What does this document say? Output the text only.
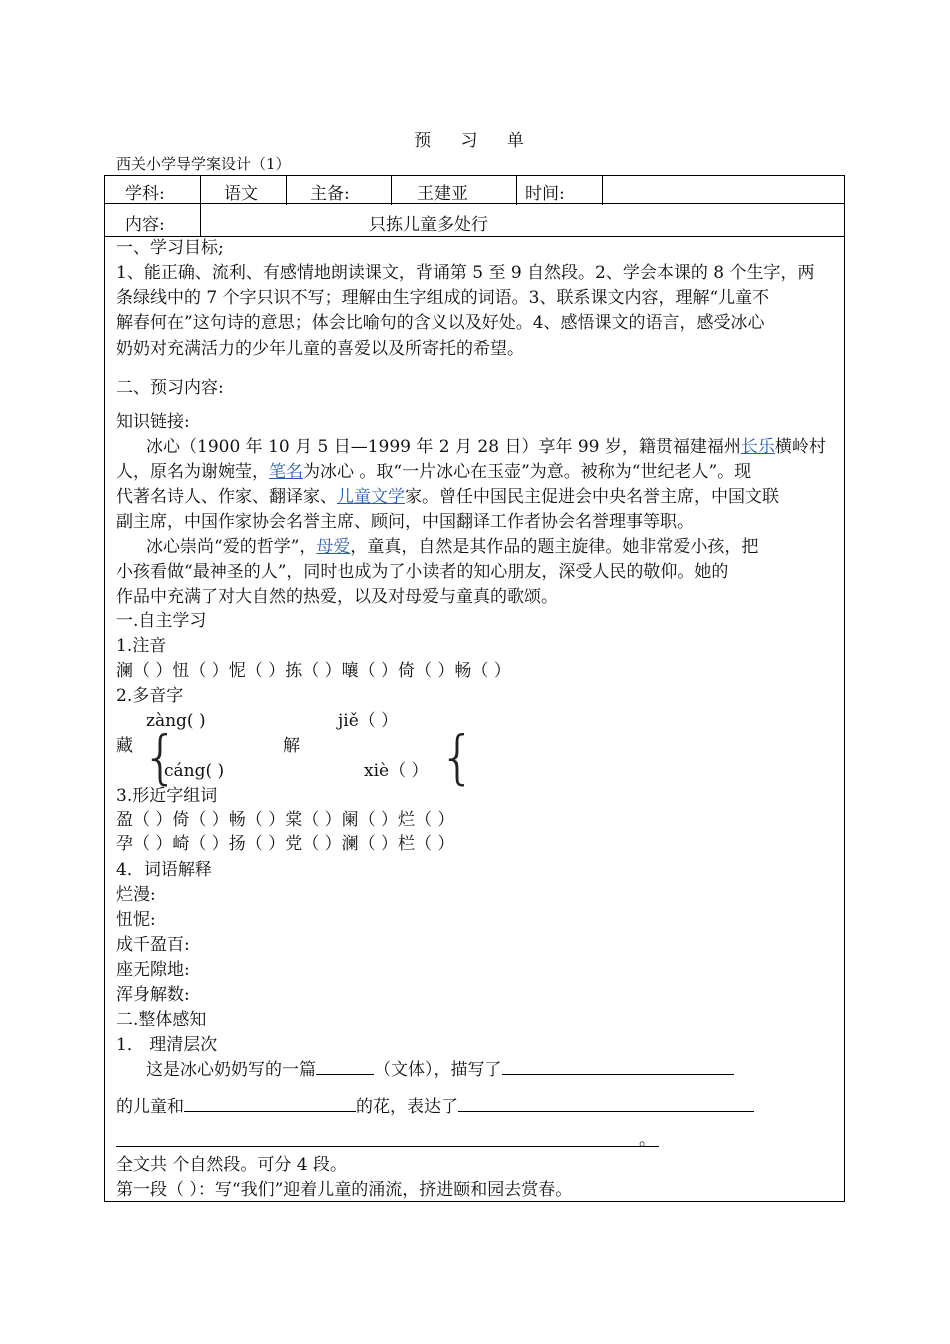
预 习 单
西关小学导学案设计（1）
学科:	语文	主备:	王建亚	时间:
内容:	只拣儿童多处行
一、学习目标;
1、能正确、流利、有感情地朗读课文，背诵第 5 至 9 自然段。2、学会本课的 8 个生字，两
条绿线中的 7 个字只识不写；理解由生字组成的词语。3、联系课文内容，理解“儿童不
解春何在”这句诗的意思；体会比喻句的含义以及好处。4、感悟课文的语言，感受冰心
奶奶对充满活力的少年儿童的喜爱以及所寄托的希望。
二、预习内容:
知识链接:
冰心（1900 年 10 月 5 日—1999 年 2 月 28 日）享年 99 岁，籍贯福建福州长乐横岭村
人，原名为谢婉莹，笔名为冰心 。取“一片冰心在玉壶”为意。被称为“世纪老人”。现
代著名诗人、作家、翻译家、儿童文学家。曾任中国民主促进会中央名誉主席，中国文联
副主席，中国作家协会名誉主席、顾问，中国翻译工作者协会名誉理事等职。
冰心崇尚“爱的哲学”，母爱，童真，自然是其作品的题主旋律。她非常爱小孩，把
小孩看做“最神圣的人”，同时也成为了小读者的知心朋友，深受人民的敬仰。她的
作品中充满了对大自然的热爱，以及对母爱与童真的歌颂。
一.自主学习
1.注音
澜（ ）忸（ ）怩（ ）拣（ ）嚷（ ）倚（ ）畅（ ）
2.多音字
zàng( )	jiě（ ）
藏	解
{	{
cáng( )	xiè（ ）
3.形近字组词
盈（ ）倚（ ）畅（ ）棠（ ）阑（ ）烂（ ）
孕（ ）崎（ ）扬（ ）党（ ）澜（ ）栏（ ）
4．词语解释
烂漫:
忸怩:
成千盈百:
座无隙地:
浑身解数:
二.整体感知
1． 理清层次
这是冰心奶奶写的一篇	（文体），描写了
的儿童和	的花，表达了
。
全文共 个自然段。可分 4 段。
第一段（ ）：写“我们”迎着儿童的涌流，挤进颐和园去赏春。
